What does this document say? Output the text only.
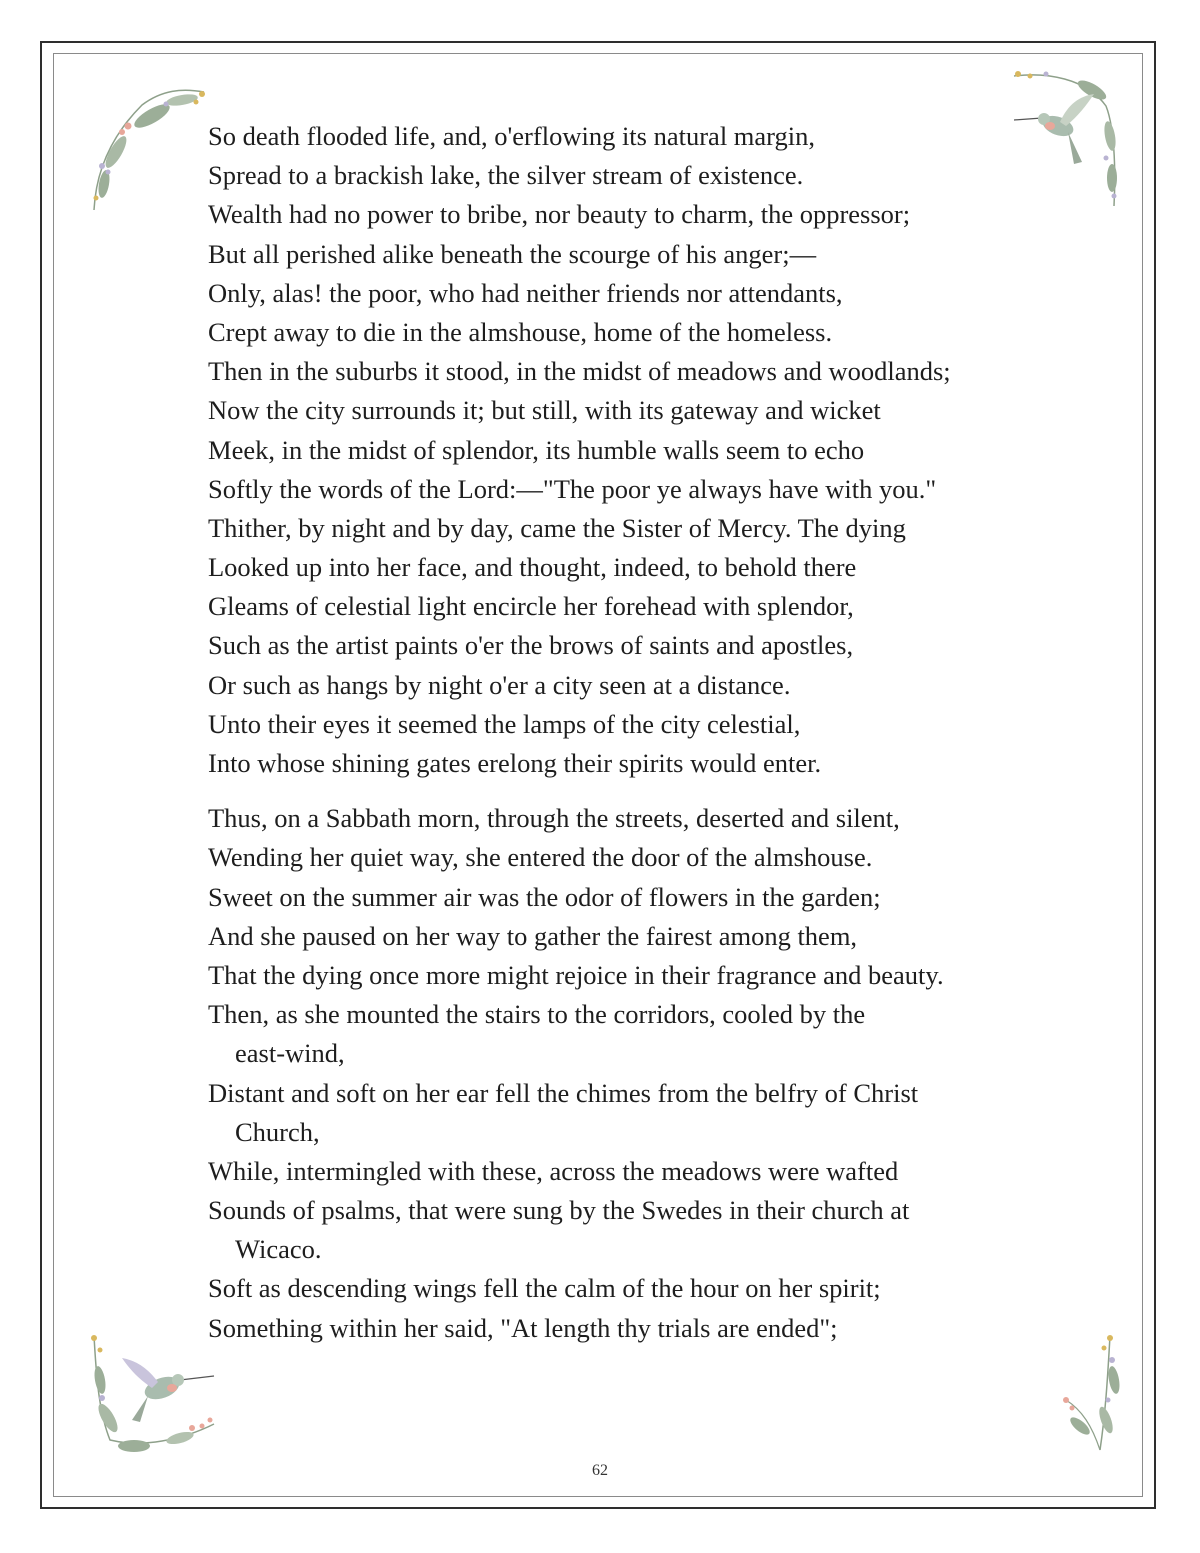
So death flooded life, and, o'erflowing its natural margin,
Spread to a brackish lake, the silver stream of existence.
Wealth had no power to bribe, nor beauty to charm, the oppressor;
But all perished alike beneath the scourge of his anger;—
Only, alas! the poor, who had neither friends nor attendants,
Crept away to die in the almshouse, home of the homeless.
Then in the suburbs it stood, in the midst of meadows and woodlands;
Now the city surrounds it; but still, with its gateway and wicket
Meek, in the midst of splendor, its humble walls seem to echo
Softly the words of the Lord:—"The poor ye always have with you."
Thither, by night and by day, came the Sister of Mercy. The dying
Looked up into her face, and thought, indeed, to behold there
Gleams of celestial light encircle her forehead with splendor,
Such as the artist paints o'er the brows of saints and apostles,
Or such as hangs by night o'er a city seen at a distance.
Unto their eyes it seemed the lamps of the city celestial,
Into whose shining gates erelong their spirits would enter.
Thus, on a Sabbath morn, through the streets, deserted and silent,
Wending her quiet way, she entered the door of the almshouse.
Sweet on the summer air was the odor of flowers in the garden;
And she paused on her way to gather the fairest among them,
That the dying once more might rejoice in their fragrance and beauty.
Then, as she mounted the stairs to the corridors, cooled by the
east-wind,
Distant and soft on her ear fell the chimes from the belfry of Christ
Church,
While, intermingled with these, across the meadows were wafted
Sounds of psalms, that were sung by the Swedes in their church at
Wicaco.
Soft as descending wings fell the calm of the hour on her spirit;
Something within her said, "At length thy trials are ended";
62
